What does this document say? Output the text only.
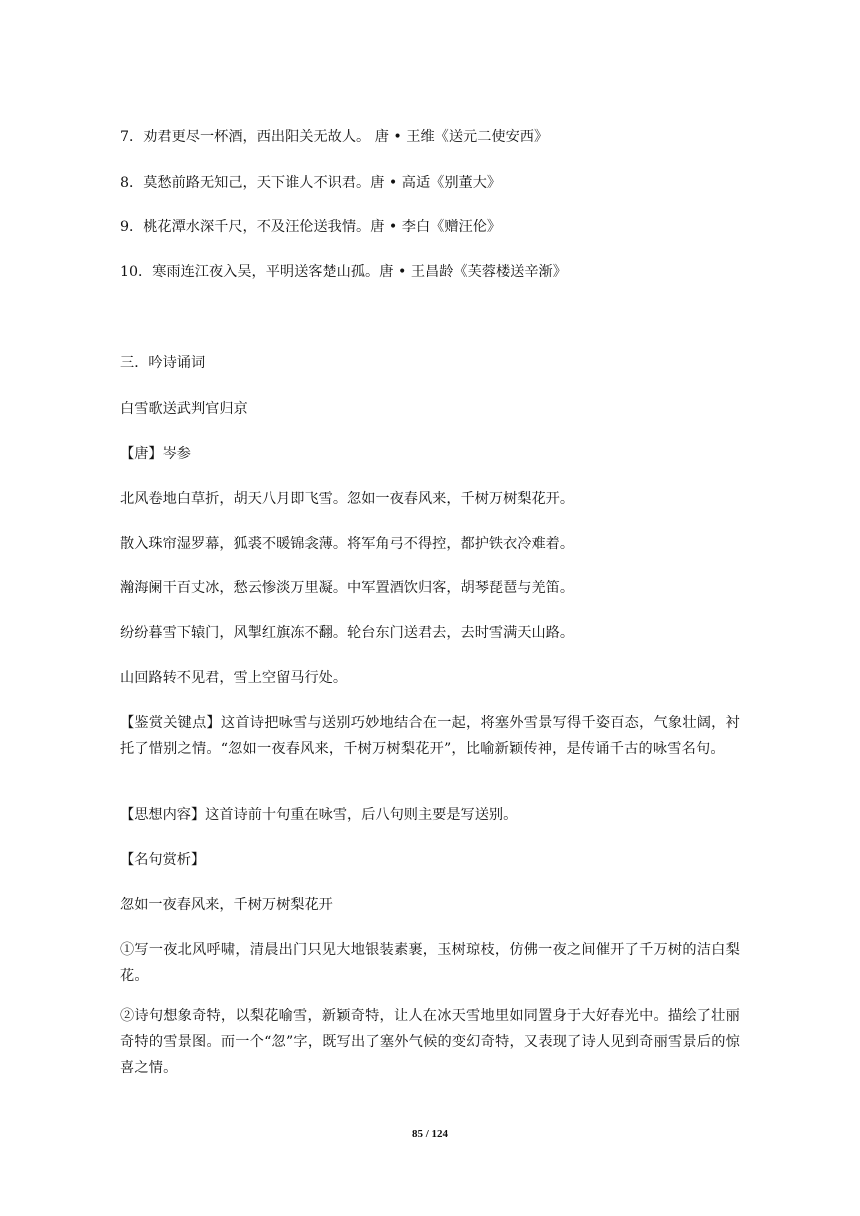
7．劝君更尽一杯酒，西出阳关无故人。 唐 • 王维《送元二使安西》
8．莫愁前路无知己，天下谁人不识君。唐 • 高适《别董大》
9．桃花潭水深千尺，不及汪伦送我情。唐 • 李白《赠汪伦》
10．寒雨连江夜入吴，平明送客楚山孤。唐 • 王昌龄《芙蓉楼送辛渐》
三．吟诗诵词
白雪歌送武判官归京
【唐】岑参
北风卷地白草折，胡天八月即飞雪。忽如一夜春风来，千树万树梨花开。
散入珠帘湿罗幕，狐裘不暖锦衾薄。将军角弓不得控，都护铁衣冷难着。
瀚海阑干百丈冰，愁云惨淡万里凝。中军置酒饮归客，胡琴琵琶与羌笛。
纷纷暮雪下辕门，风掣红旗冻不翻。轮台东门送君去，去时雪满天山路。
山回路转不见君，雪上空留马行处。
【鉴赏关键点】这首诗把咏雪与送别巧妙地结合在一起，将塞外雪景写得千姿百态，气象壮阔，衬托了惜别之情。“忽如一夜春风来，千树万树梨花开”，比喻新颖传神，是传诵千古的咏雪名句。
【思想内容】这首诗前十句重在咏雪，后八句则主要是写送别。
【名句赏析】
忽如一夜春风来，千树万树梨花开
①写一夜北风呼啸，清晨出门只见大地银装素裹，玉树琼枝，仿佛一夜之间催开了千万树的洁白梨花。
②诗句想象奇特，以梨花喻雪，新颖奇特，让人在冰天雪地里如同置身于大好春光中。描绘了壮丽奇特的雪景图。而一个“忽”字，既写出了塞外气候的变幻奇特，又表现了诗人见到奇丽雪景后的惊喜之情。
85 / 124
